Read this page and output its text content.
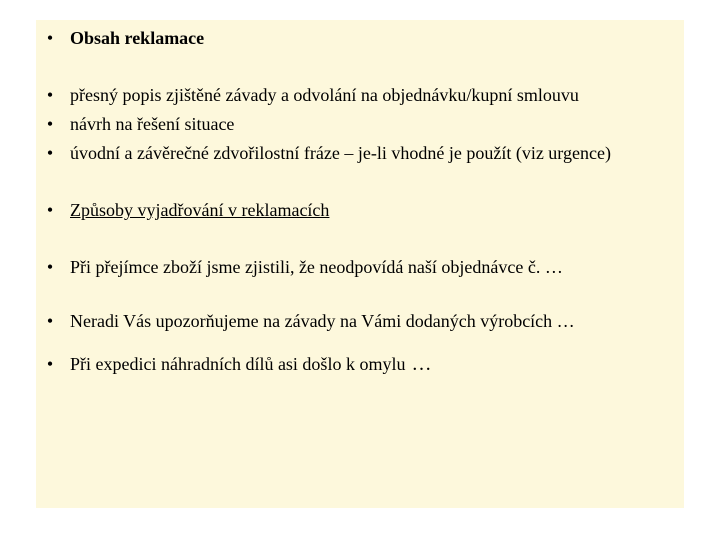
• Obsah reklamace
• přesný popis zjištěné závady a odvolání na objednávku/kupní smlouvu
• návrh na řešení situace
• úvodní a závěrečné zdvořilostní fráze – je-li vhodné je použít (viz urgence)
• Způsoby vyjadřování v reklamacích
• Při přejímce zboží jsme zjistili, že neodpovídá naší objednávce č. …
• Neradi Vás upozorňujeme na závady na Vámi dodaných výrobcích …
• Při expedici náhradních dílů asi došlo k omylu …
